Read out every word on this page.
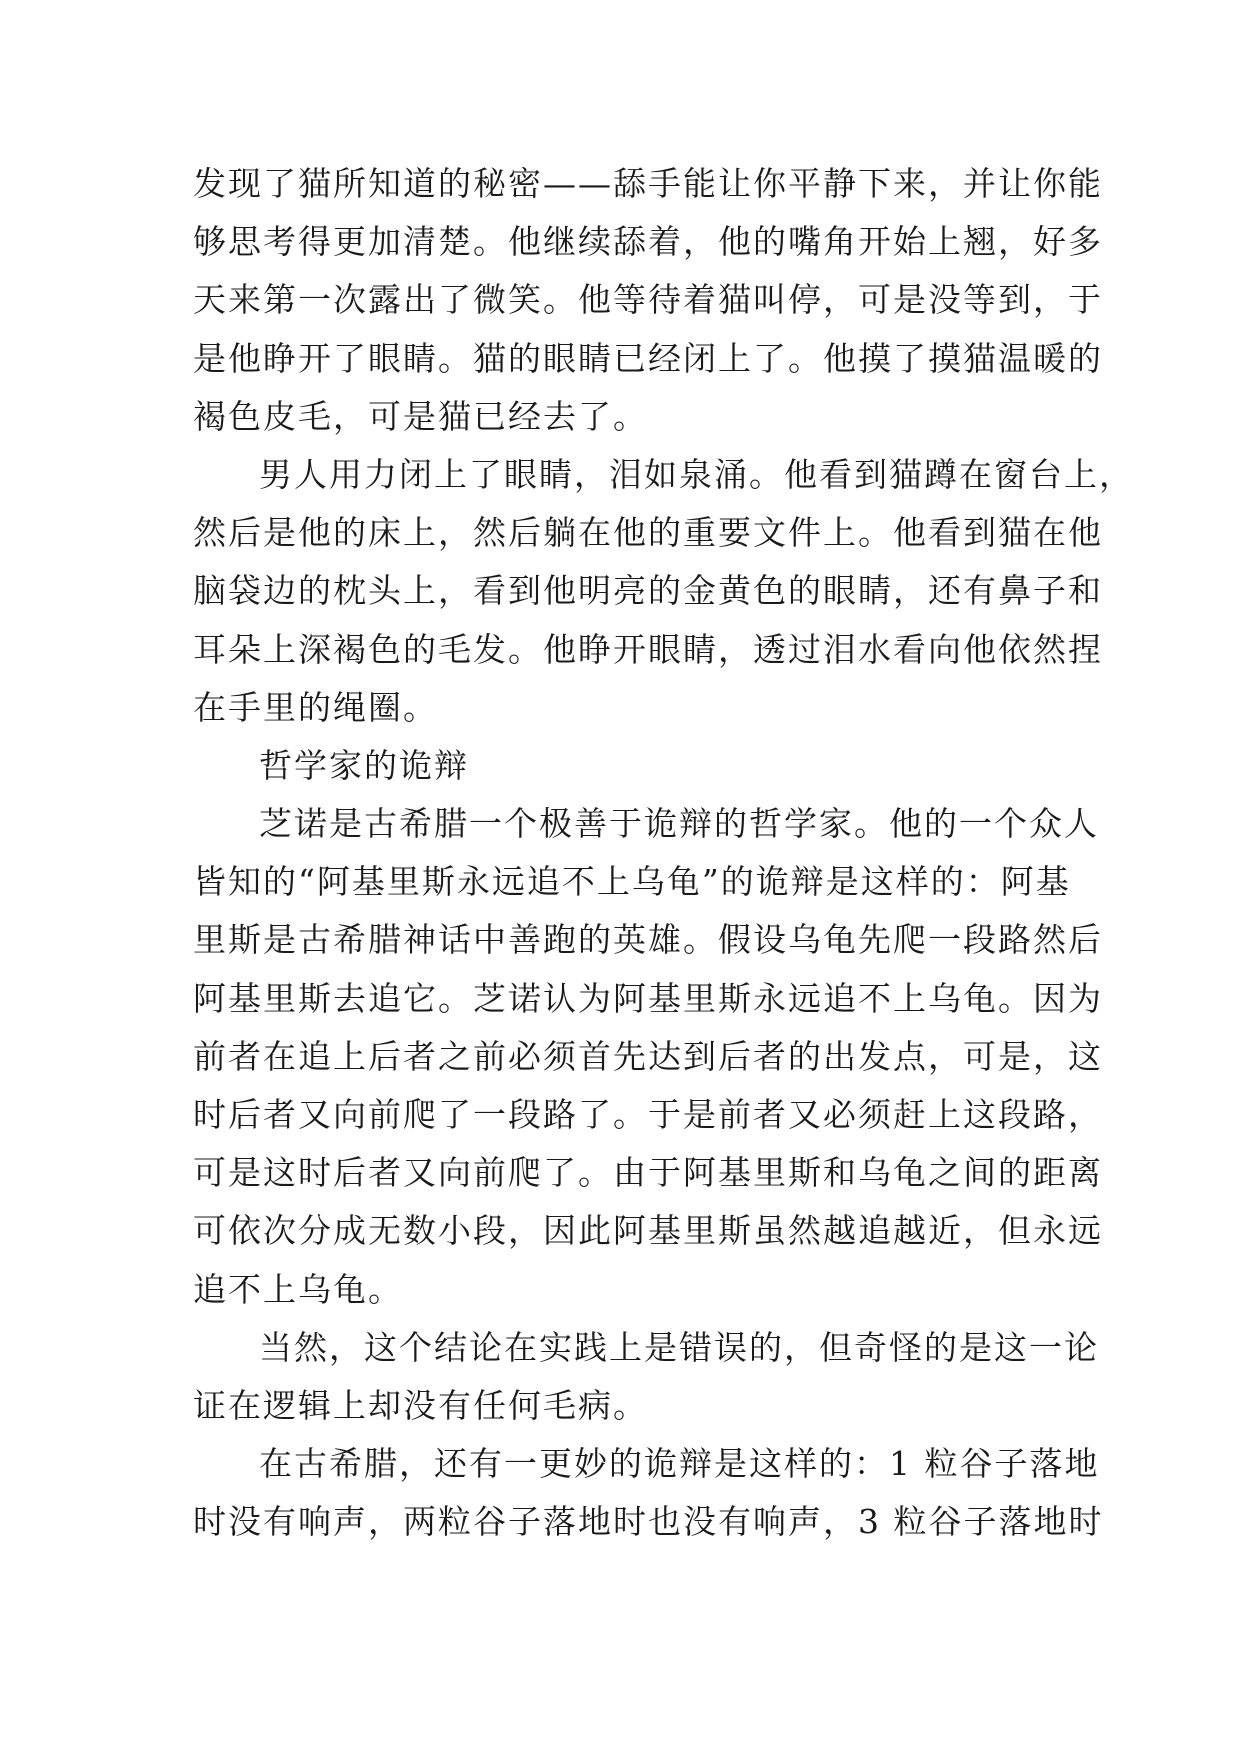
发现了猫所知道的秘密——舔手能让你平静下来，并让你能
够思考得更加清楚。他继续舔着，他的嘴角开始上翘，好多
天来第一次露出了微笑。他等待着猫叫停，可是没等到，于
是他睁开了眼睛。猫的眼睛已经闭上了。他摸了摸猫温暖的
褐色皮毛，可是猫已经去了。
男人用力闭上了眼睛，泪如泉涌。他看到猫蹲在窗台上，
然后是他的床上，然后躺在他的重要文件上。他看到猫在他
脑袋边的枕头上，看到他明亮的金黄色的眼睛，还有鼻子和
耳朵上深褐色的毛发。他睁开眼睛，透过泪水看向他依然捏
在手里的绳圈。
哲学家的诡辩
芝诺是古希腊一个极善于诡辩的哲学家。他的一个众人
皆知的“阿基里斯永远追不上乌龟”的诡辩是这样的：阿基
里斯是古希腊神话中善跑的英雄。假设乌龟先爬一段路然后
阿基里斯去追它。芝诺认为阿基里斯永远追不上乌龟。因为
前者在追上后者之前必须首先达到后者的出发点，可是，这
时后者又向前爬了一段路了。于是前者又必须赶上这段路，
可是这时后者又向前爬了。由于阿基里斯和乌龟之间的距离
可依次分成无数小段，因此阿基里斯虽然越追越近，但永远
追不上乌龟。
当然，这个结论在实践上是错误的，但奇怪的是这一论
证在逻辑上却没有任何毛病。
在古希腊，还有一更妙的诡辩是这样的：1 粒谷子落地
时没有响声，两粒谷子落地时也没有响声，3 粒谷子落地时
